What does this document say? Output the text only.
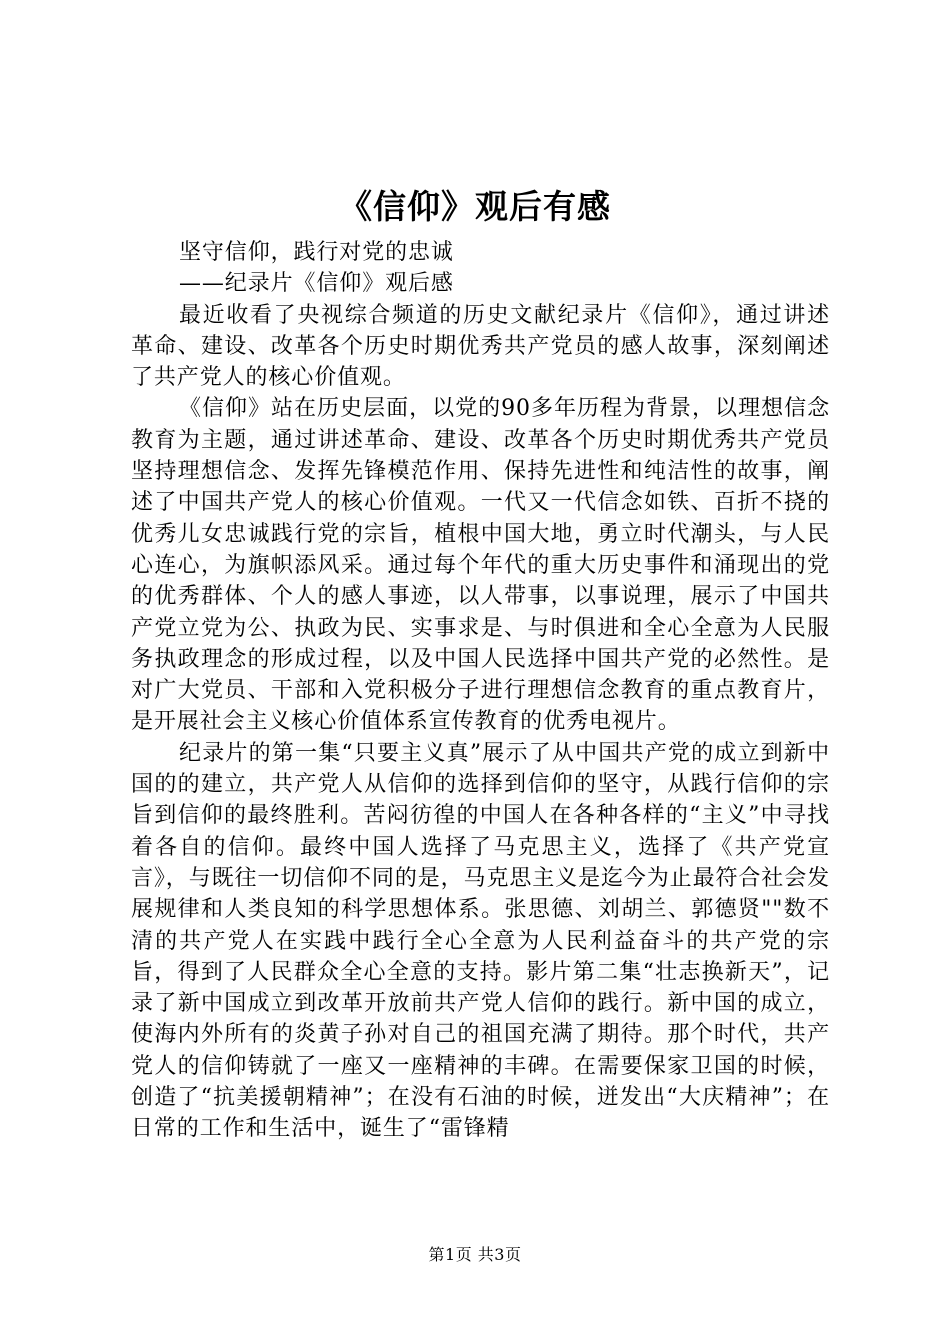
《信仰》观后有感

坚守信仰，践行对党的忠诚

——纪录片《信仰》观后感

最近收看了央视综合频道的历史文献纪录片《信仰》，通过讲述革命、建设、改革各个历史时期优秀共产党员的感人故事，深刻阐述了共产党人的核心价值观。

《信仰》站在历史层面，以党的90多年历程为背景，以理想信念教育为主题，通过讲述革命、建设、改革各个历史时期优秀共产党员坚持理想信念、发挥先锋模范作用、保持先进性和纯洁性的故事，阐述了中国共产党人的核心价值观。一代又一代信念如铁、百折不挠的优秀儿女忠诚践行党的宗旨，植根中国大地，勇立时代潮头，与人民心连心，为旗帜添风采。通过每个年代的重大历史事件和涌现出的党的优秀群体、个人的感人事迹，以人带事，以事说理，展示了中国共产党立党为公、执政为民、实事求是、与时俱进和全心全意为人民服务执政理念的形成过程，以及中国人民选择中国共产党的必然性。是对广大党员、干部和入党积极分子进行理想信念教育的重点教育片，是开展社会主义核心价值体系宣传教育的优秀电视片。

纪录片的第一集“只要主义真”展示了从中国共产党的成立到新中国的的建立，共产党人从信仰的选择到信仰的坚守，从践行信仰的宗旨到信仰的最终胜利。苦闷彷徨的中国人在各种各样的“主义”中寻找着各自的信仰。最终中国人选择了马克思主义，选择了《共产党宣言》，与既往一切信仰不同的是，马克思主义是迄今为止最符合社会发展规律和人类良知的科学思想体系。张思德、刘胡兰、郭德贤""数不清的共产党人在实践中践行全心全意为人民利益奋斗的共产党的宗旨，得到了人民群众全心全意的支持。影片第二集“壮志换新天”，记录了新中国成立到改革开放前共产党人信仰的践行。新中国的成立，使海内外所有的炎黄子孙对自己的祖国充满了期待。那个时代，共产党人的信仰铸就了一座又一座精神的丰碑。在需要保家卫国的时候，创造了“抗美援朝精神”；在没有石油的时候，迸发出“大庆精神”；在日常的工作和生活中，诞生了“雷锋精

第1页 共3页
